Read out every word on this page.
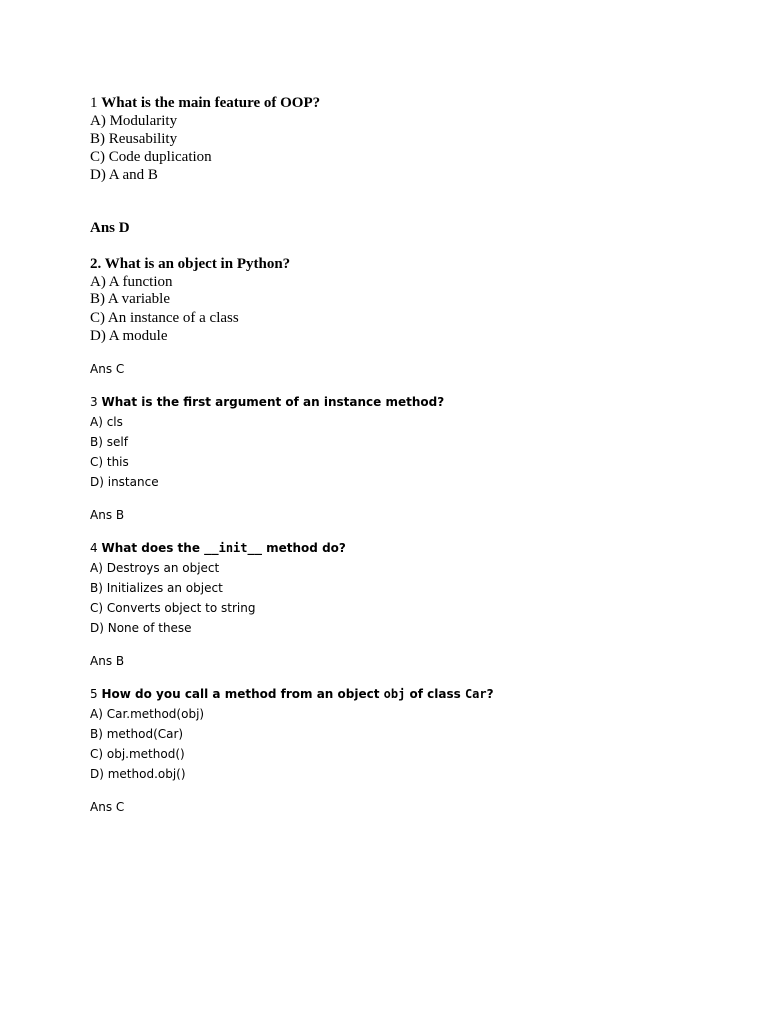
1 What is the main feature of OOP?
A) Modularity
B) Reusability
C) Code duplication
D) A and B
Ans D
2. What is an object in Python?
A) A function
B) A variable
C) An instance of a class
D) A module
Ans C
3 What is the first argument of an instance method?
A) cls
B) self
C) this
D) instance
Ans B
4 What does the __init__ method do?
A) Destroys an object
B) Initializes an object
C) Converts object to string
D) None of these
Ans B
5 How do you call a method from an object obj of class Car?
A) Car.method(obj)
B) method(Car)
C) obj.method()
D) method.obj()
Ans C
